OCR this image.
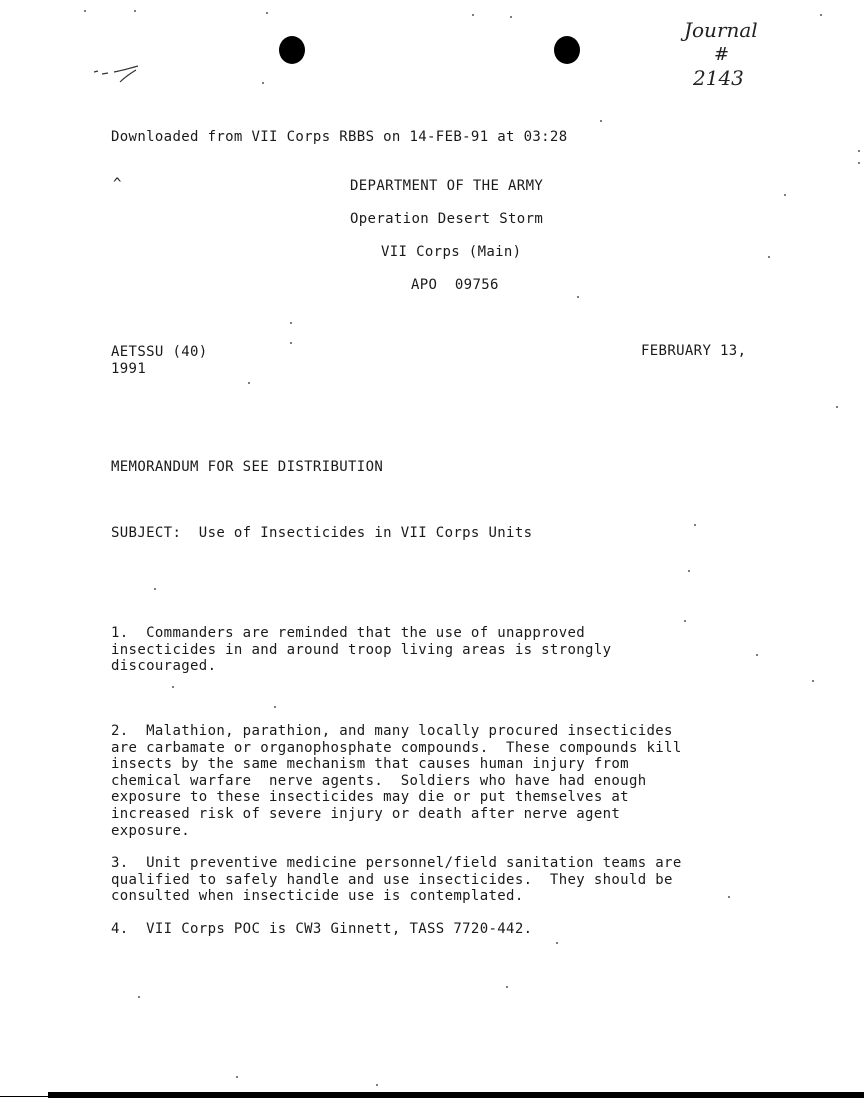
Journal
#
2143
Downloaded from VII Corps RBBS on 14-FEB-91 at 03:28
^	DEPARTMENT OF THE ARMY
Operation Desert Storm
VII Corps (Main)
APO  09756
AETSSU (40)	FEBRUARY 13,
1991
MEMORANDUM FOR SEE DISTRIBUTION
SUBJECT:  Use of Insecticides in VII Corps Units
1.  Commanders are reminded that the use of unapproved
insecticides in and around troop living areas is strongly
discouraged.
2.  Malathion, parathion, and many locally procured insecticides
are carbamate or organophosphate compounds.  These compounds kill
insects by the same mechanism that causes human injury from
chemical warfare  nerve agents.  Soldiers who have had enough
exposure to these insecticides may die or put themselves at
increased risk of severe injury or death after nerve agent
exposure.
3.  Unit preventive medicine personnel/field sanitation teams are
qualified to safely handle and use insecticides.  They should be
consulted when insecticide use is contemplated.
4.  VII Corps POC is CW3 Ginnett, TASS 7720-442.
